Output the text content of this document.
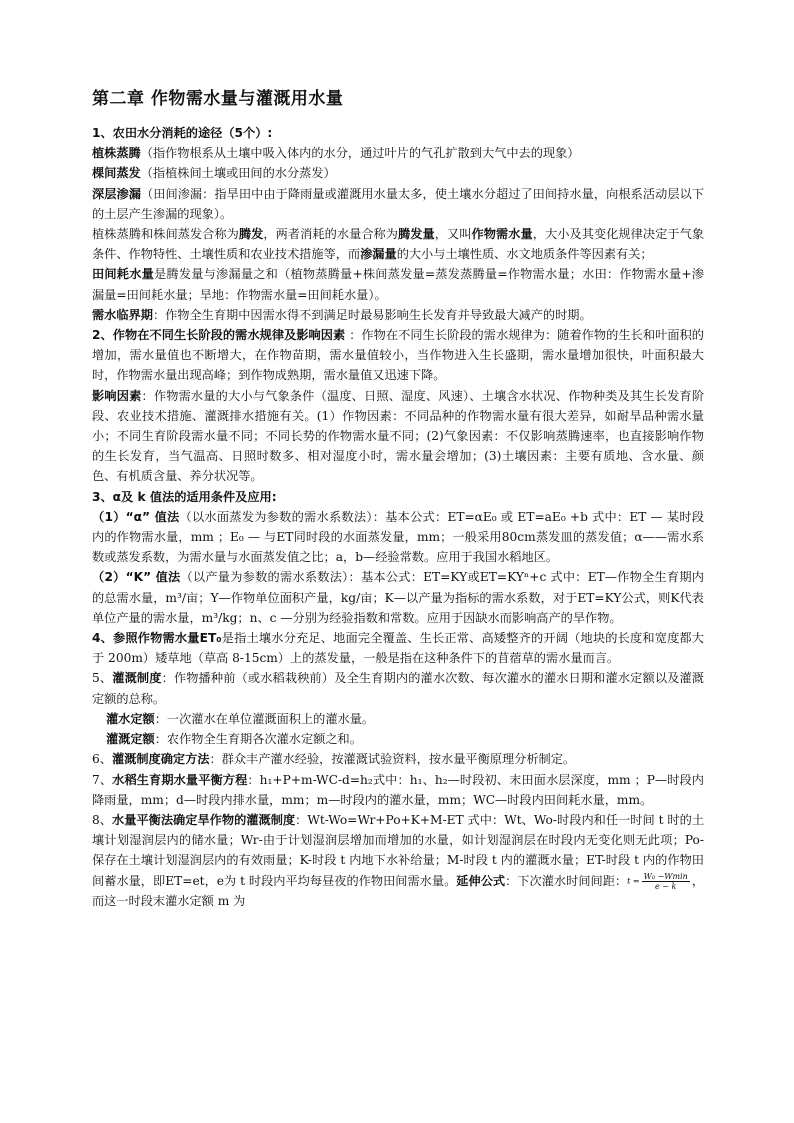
第二章 作物需水量与灌溉用水量

1、农田水分消耗的途径（5个）:

植株蒸腾（指作物根系从土壤中吸入体内的水分，通过叶片的气孔扩散到大气中去的现象）

棵间蒸发（指植株间土壤或田间的水分蒸发）

深层渗漏（田间渗漏：指旱田中由于降雨量或灌溉用水量太多，使土壤水分超过了田间持水量，向根系活动层以下的土层产生渗漏的现象）。

植株蒸腾和株间蒸发合称为腾发，两者消耗的水量合称为腾发量，又叫作物需水量，大小及其变化规律决定于气象条件、作物特性、土壤性质和农业技术措施等，而渗漏量的大小与土壤性质、水文地质条件等因素有关；

田间耗水量是腾发量与渗漏量之和（植物蒸腾量+株间蒸发量=蒸发蒸腾量=作物需水量；水田：作物需水量+渗漏量=田间耗水量；旱地：作物需水量=田间耗水量）。

需水临界期：作物全生育期中因需水得不到满足时最易影响生长发育并导致最大减产的时期。

2、作物在不同生长阶段的需水规律及影响因素 ：作物在不同生长阶段的需水规律为：随着作物的生长和叶面积的增加，需水量值也不断增大，在作物苗期，需水量值较小，当作物进入生长盛期，需水量增加很快，叶面积最大时，作物需水量出现高峰；到作物成熟期，需水量值又迅速下降。

影响因素：作物需水量的大小与气象条件（温度、日照、湿度、风速）、土壤含水状况、作物种类及其生长发育阶段、农业技术措施、灌溉排水措施有关。(1）作物因素：不同品种的作物需水量有很大差异，如耐旱品种需水量小；不同生育阶段需水量不同；不同长势的作物需水量不同；(2)气象因素：不仅影响蒸腾速率，也直接影响作物的生长发育，当气温高、日照时数多、相对湿度小时，需水量会增加；(3)土壤因素：主要有质地、含水量、颜色、有机质含量、养分状况等。

3、α及 k 值法的适用条件及应用:

（1）“α” 值法（以水面蒸发为参数的需水系数法）：基本公式：ET=αE₀ 或 ET=aE₀ +b 式中：ET — 某时段内的作物需水量，mm ；E₀ — 与ET同时段的水面蒸发量，mm；一般采用80cm蒸发皿的蒸发值；α——需水系数或蒸发系数，为需水量与水面蒸发值之比；a，b—经验常数。应用于我国水稻地区。

（2）“K” 值法（以产量为参数的需水系数法）：基本公式：ET=KY或ET=KYⁿ+c 式中：ET—作物全生育期内的总需水量，m³/亩；Y—作物单位面积产量，kg/亩；K—以产量为指标的需水系数，对于ET=KY公式，则K代表单位产量的需水量，m³/kg；n、c —分别为经验指数和常数。应用于因缺水而影响高产的旱作物。

4、参照作物需水量ET₀是指土壤水分充足、地面完全覆盖、生长正常、高矮整齐的开阔（地块的长度和宽度都大于 200m）矮草地（草高 8-15cm）上的蒸发量，一般是指在这种条件下的苜蓿草的需水量而言。

5、灌溉制度：作物播种前（或水稻栽秧前）及全生育期内的灌水次数、每次灌水的灌水日期和灌水定额以及灌溉定额的总称。

灌水定额：一次灌水在单位灌溉面积上的灌水量。

灌溉定额：农作物全生育期各次灌水定额之和。

6、灌溉制度确定方法：群众丰产灌水经验，按灌溉试验资料，按水量平衡原理分析制定。

7、水稻生育期水量平衡方程：h₁+P+m-WC-d=h₂式中：h₁、h₂—时段初、末田面水层深度，mm ；P—时段内降雨量，mm；d—时段内排水量，mm；m—时段内的灌水量，mm；WC—时段内田间耗水量，mm。

8、水量平衡法确定旱作物的灌溉制度：Wt-Wo=Wr+Po+K+M-ET 式中：Wt、Wo-时段内和任一时间 t 时的土壤计划湿润层内的储水量；Wr-由于计划湿润层增加而增加的水量，如计划湿润层在时段内无变化则无此项；Po-保存在土壤计划湿润层内的有效雨量；K-时段 t 内地下水补给量；M-时段 t 内的灌溉水量；ET-时段 t 内的作物田间蓄水量，即ET=et，e为 t 时段内平均每昼夜的作物田间需水量。延伸公式：下次灌水时间间距：$t = \frac{\text{W₀ −Wmin}}{e - k}$ ，而这一时段末灌水定额 m 为
